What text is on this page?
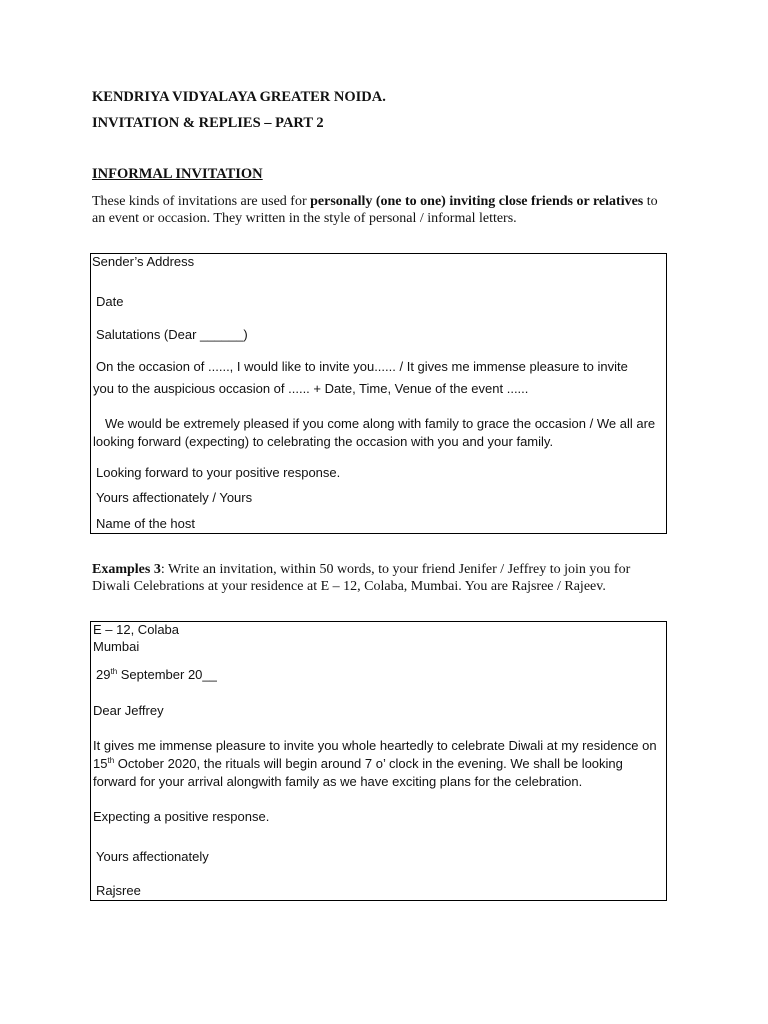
KENDRIYA VIDYALAYA GREATER NOIDA.
INVITATION & REPLIES – PART 2
INFORMAL INVITATION
These kinds of invitations are used for personally (one to one) inviting close friends or relatives to
an event or occasion. They written in the style of personal / informal letters.
Sender’s Address
Date
Salutations (Dear ______)
On the occasion of ......, I would like to invite you...... / It gives me immense pleasure to invite
you to the auspicious occasion of ...... + Date, Time, Venue of the event ......
We would be extremely pleased if you come along with family to grace the occasion / We all are
looking forward (expecting) to celebrating the occasion with you and your family.
Looking forward to your positive response.
Yours affectionately / Yours
Name of the host
Examples 3: Write an invitation, within 50 words, to your friend Jenifer / Jeffrey to join you for
Diwali Celebrations at your residence at E – 12, Colaba, Mumbai. You are Rajsree / Rajeev.
E – 12, Colaba
Mumbai
29th September 20__
Dear Jeffrey
It gives me immense pleasure to invite you whole heartedly to celebrate Diwali at my residence on
15th October 2020, the rituals will begin around 7 o’ clock in the evening. We shall be looking
forward for your arrival alongwith family as we have exciting plans for the celebration.
Expecting a positive response.
Yours affectionately
Rajsree
